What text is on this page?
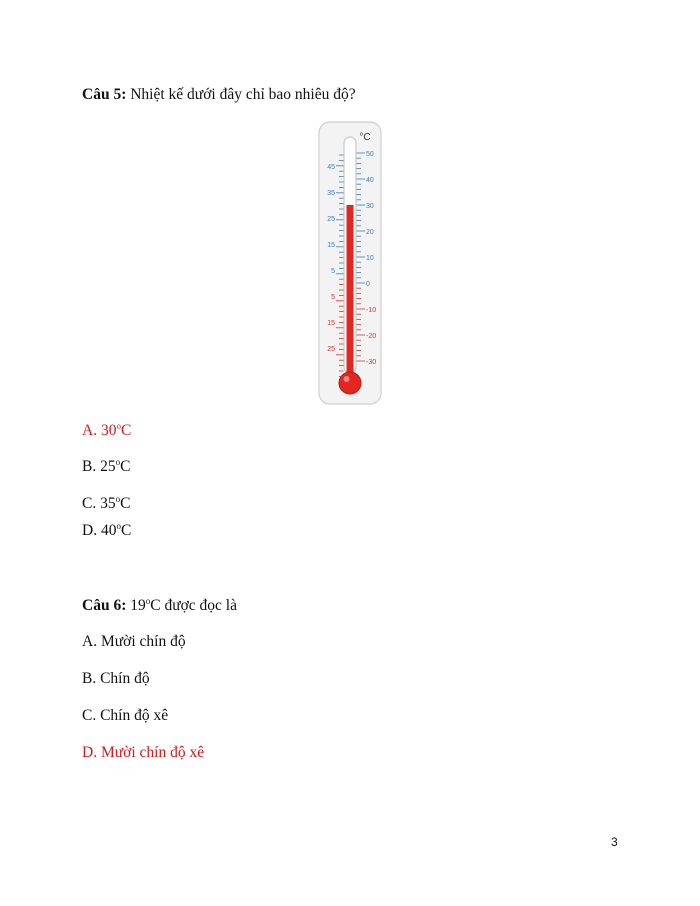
Câu 5: Nhiệt kế dưới đây chỉ bao nhiêu độ?
°C
50
40
30
20
10
0
-10
-20
-30
45
35
25
15
5
5
15
25
A. 30$^o$C
B. 25$^o$C
C. 35$^o$C
D. 40$^o$C
Câu 6: 19$^o$C được đọc là
A. Mười chín độ
B. Chín độ
C. Chín độ xê
D. Mười chín độ xê
3
